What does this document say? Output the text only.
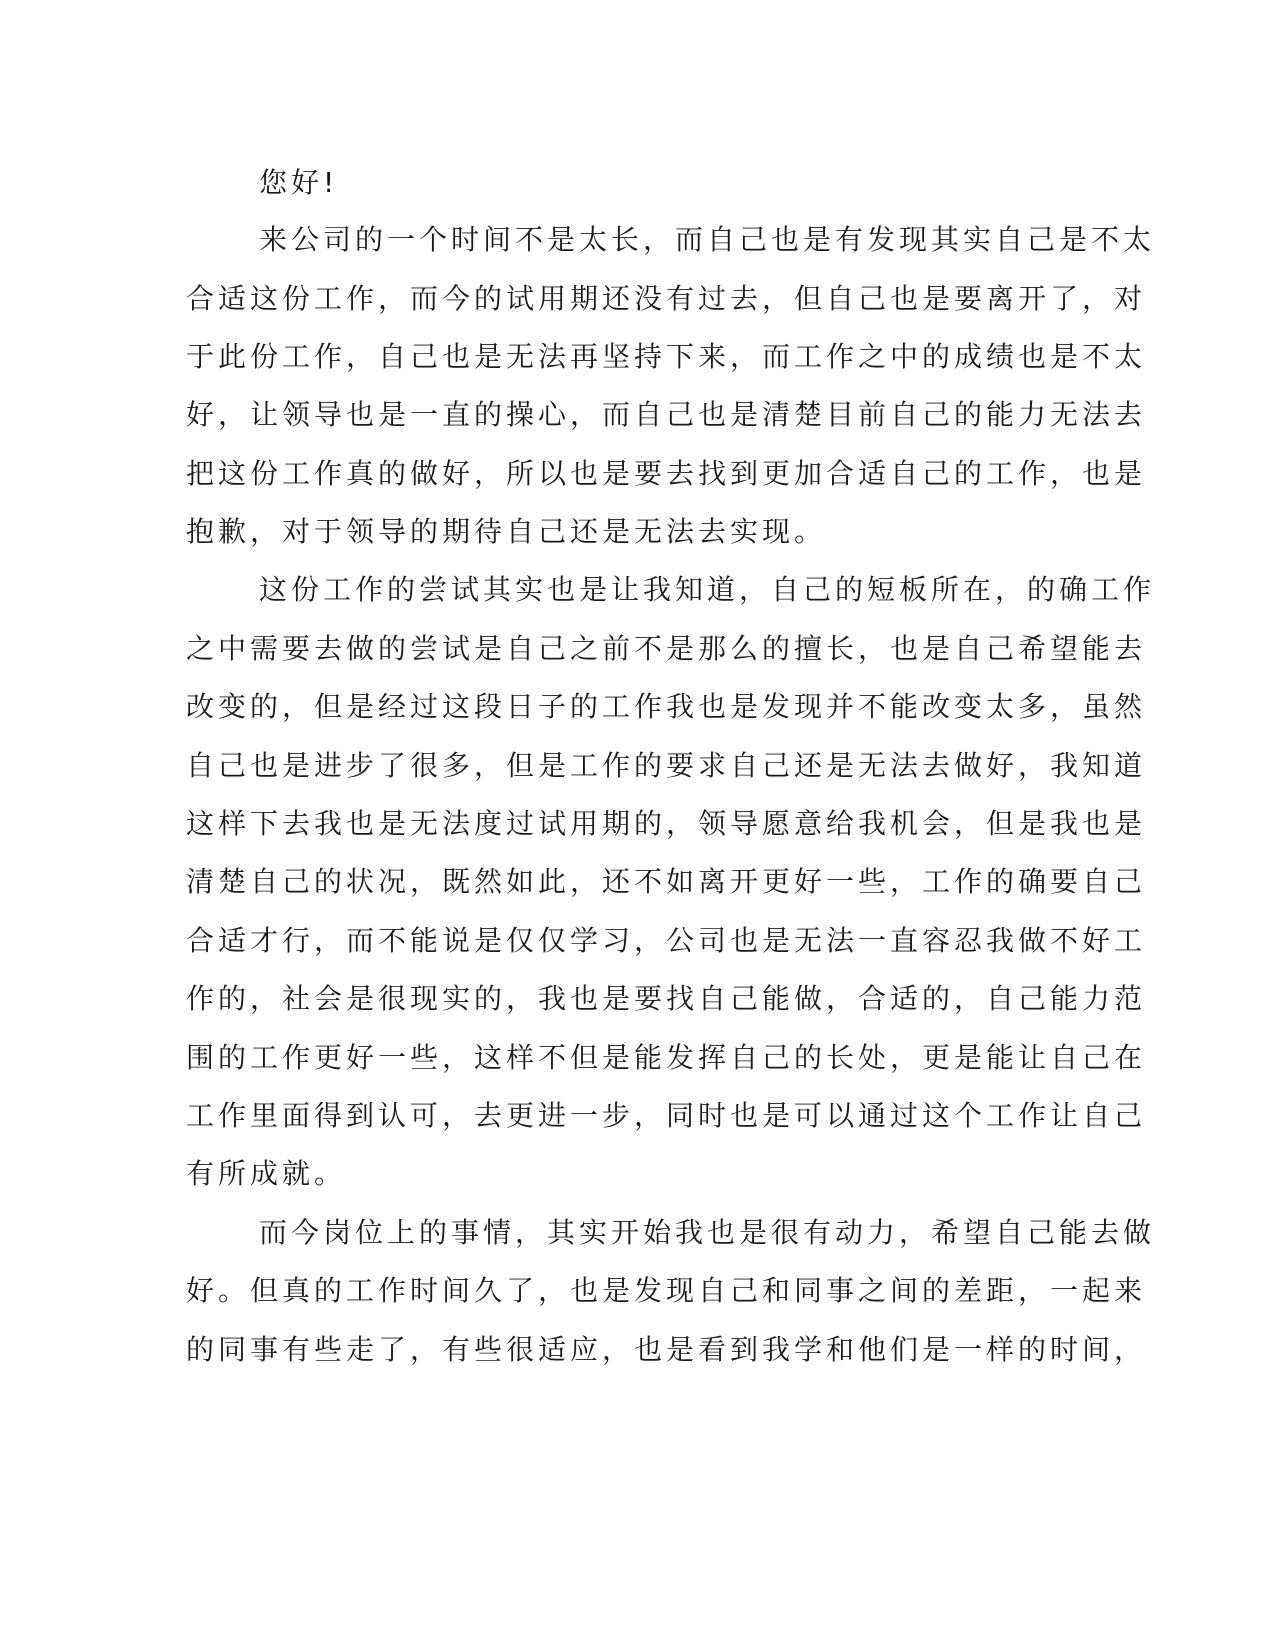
您好!
来公司的一个时间不是太长，而自己也是有发现其实自己是不太
合适这份工作，而今的试用期还没有过去，但自己也是要离开了，对
于此份工作，自己也是无法再坚持下来，而工作之中的成绩也是不太
好，让领导也是一直的操心，而自己也是清楚目前自己的能力无法去
把这份工作真的做好，所以也是要去找到更加合适自己的工作，也是
抱歉，对于领导的期待自己还是无法去实现。
这份工作的尝试其实也是让我知道，自己的短板所在，的确工作
之中需要去做的尝试是自己之前不是那么的擅长，也是自己希望能去
改变的，但是经过这段日子的工作我也是发现并不能改变太多，虽然
自己也是进步了很多，但是工作的要求自己还是无法去做好，我知道
这样下去我也是无法度过试用期的，领导愿意给我机会，但是我也是
清楚自己的状况，既然如此，还不如离开更好一些，工作的确要自己
合适才行，而不能说是仅仅学习，公司也是无法一直容忍我做不好工
作的，社会是很现实的，我也是要找自己能做，合适的，自己能力范
围的工作更好一些，这样不但是能发挥自己的长处，更是能让自己在
工作里面得到认可，去更进一步，同时也是可以通过这个工作让自己
有所成就。
而今岗位上的事情，其实开始我也是很有动力，希望自己能去做
好。但真的工作时间久了，也是发现自己和同事之间的差距，一起来
的同事有些走了，有些很适应，也是看到我学和他们是一样的时间，
